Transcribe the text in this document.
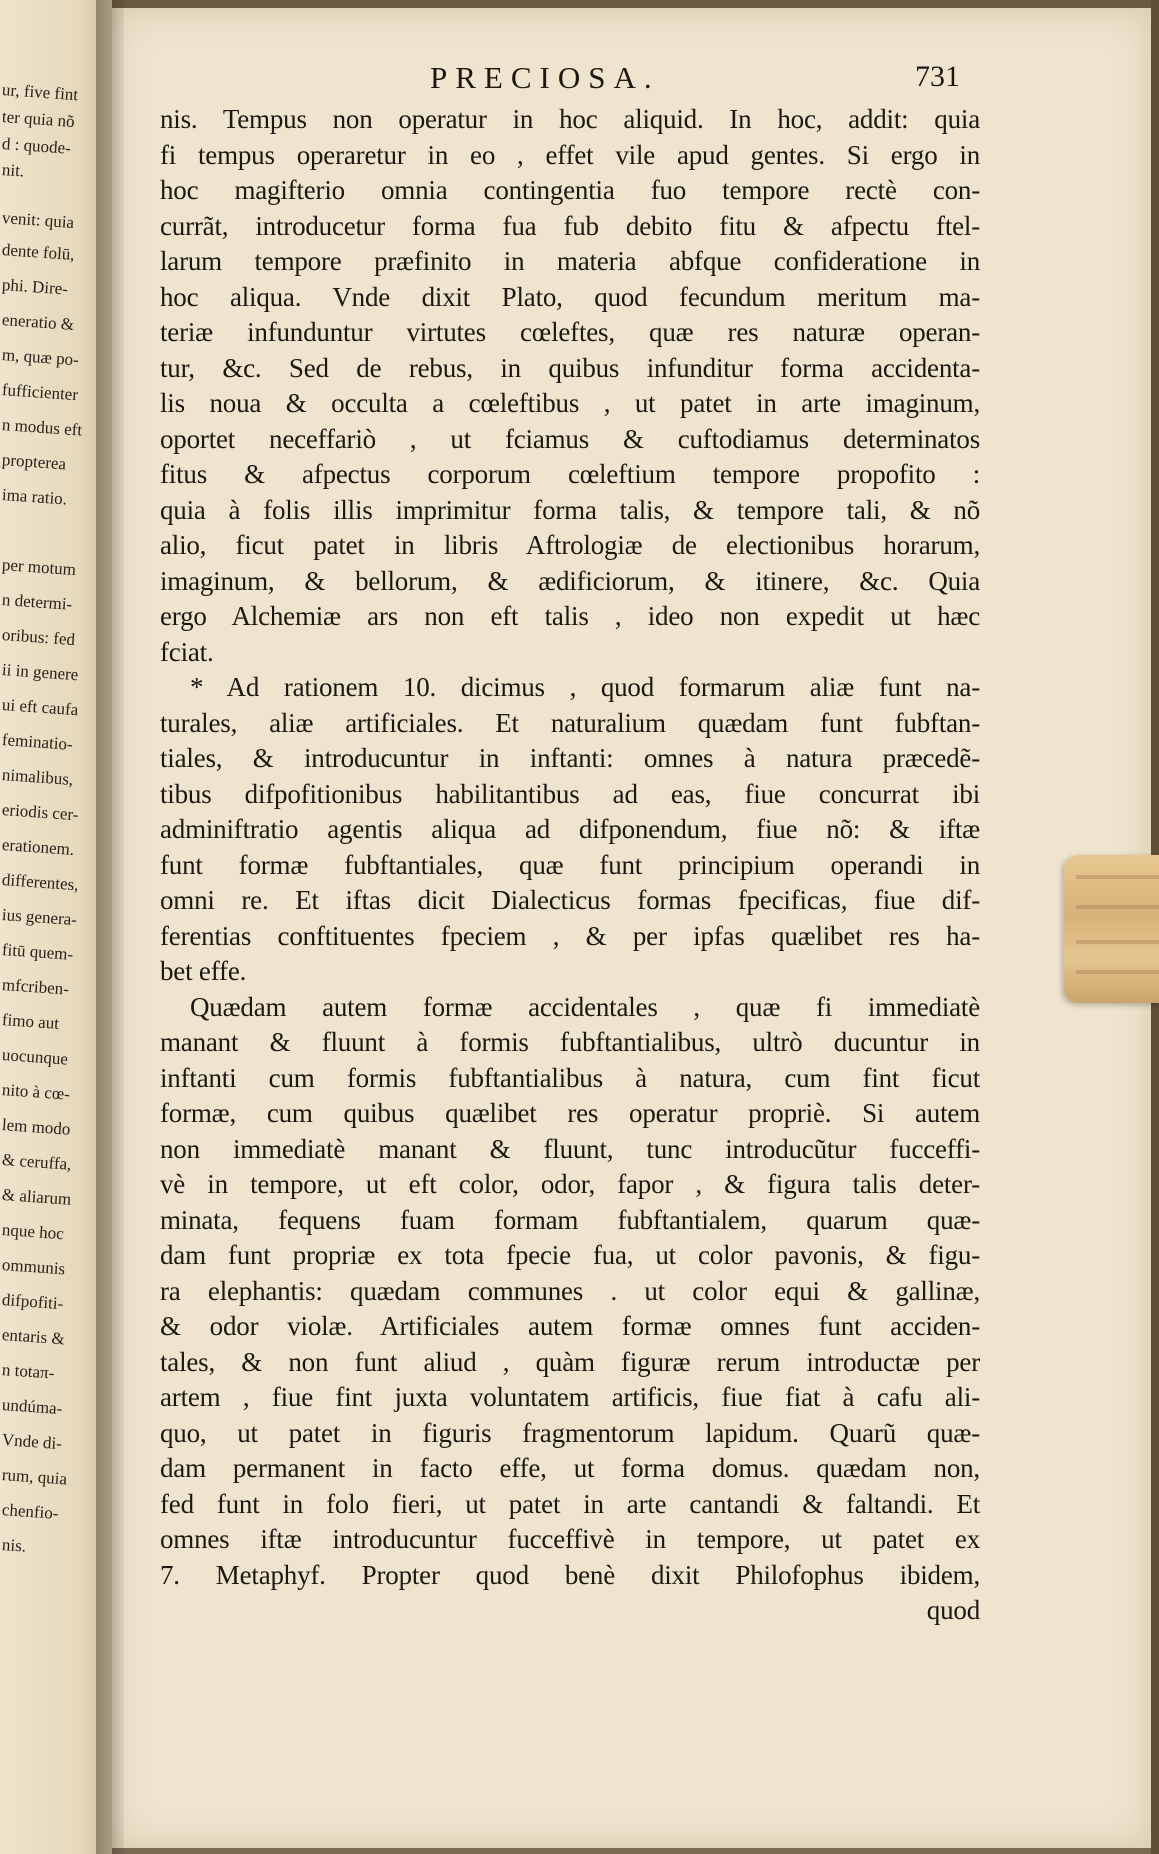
ur, five fint
ter quia nõ
d : quode-
nit.
venit: quia
dente folū,
phi. Dire-
eneratio &
m, quæ po-
fufficienter
n modus eft
propterea
ima ratio.
per motum
n determi-
oribus: fed
ii in genere
ui eft caufa
feminatio-
nimalibus,
eriodis cer-
erationem.
differentes,
ius genera-
fitū quem-
mfcriben-
fimo aut
uocunque
nito à cœ-
lem modo
& ceruffa,
& aliarum
nque hoc
ommunis
difpofiti-
entaris &
n totaπ-
undúma-
Vnde di-
rum, quia
chenfio-
nis.
PRECIOSA.	731
nis. Tempus non operatur in hoc aliquid. In hoc, addit: quia
fi tempus operaretur in eo , effet vile apud gentes. Si ergo in
hoc magifterio omnia contingentia fuo tempore rectè con-
currãt, introducetur forma fua fub debito fitu & afpectu ftel-
larum tempore præfinito in materia abfque confideratione in
hoc aliqua. Vnde dixit Plato, quod fecundum meritum ma-
teriæ infunduntur virtutes cœleftes, quæ res naturæ operan-
tur, &c. Sed de rebus, in quibus infunditur forma accidenta-
lis noua & occulta a cœleftibus , ut patet in arte imaginum,
oportet neceffariò , ut fciamus & cuftodiamus determinatos
fitus & afpectus corporum cœleftium tempore propofito :
quia à folis illis imprimitur forma talis, & tempore tali, & nõ
alio, ficut patet in libris Aftrologiæ de electionibus horarum,
imaginum, & bellorum, & ædificiorum, & itinere, &c. Quia
ergo Alchemiæ ars non eft talis , ideo non expedit ut hæc
fciat.
* Ad rationem 10. dicimus , quod formarum aliæ funt na-
turales, aliæ artificiales. Et naturalium quædam funt fubftan-
tiales, & introducuntur in inftanti: omnes à natura præcedẽ-
tibus difpofitionibus habilitantibus ad eas, fiue concurrat ibi
adminiftratio agentis aliqua ad difponendum, fiue nõ: & iftæ
funt formæ fubftantiales, quæ funt principium operandi in
omni re. Et iftas dicit Dialecticus formas fpecificas, fiue dif-
ferentias conftituentes fpeciem , & per ipfas quælibet res ha-
bet effe.
Quædam autem formæ accidentales , quæ fi immediatè
manant & fluunt à formis fubftantialibus, ultrò ducuntur in
inftanti cum formis fubftantialibus à natura, cum fint ficut
formæ, cum quibus quælibet res operatur propriè. Si autem
non immediatè manant & fluunt, tunc introducũtur fucceffi-
vè in tempore, ut eft color, odor, fapor , & figura talis deter-
minata, fequens fuam formam fubftantialem, quarum quæ-
dam funt propriæ ex tota fpecie fua, ut color pavonis, & figu-
ra elephantis: quædam communes . ut color equi & gallinæ,
& odor violæ. Artificiales autem formæ omnes funt acciden-
tales, & non funt aliud , quàm figuræ rerum introductæ per
artem , fiue fint juxta voluntatem artificis, fiue fiat à cafu ali-
quo, ut patet in figuris fragmentorum lapidum. Quarũ quæ-
dam permanent in facto effe, ut forma domus. quædam non,
fed funt in folo fieri, ut patet in arte cantandi & faltandi. Et
omnes iftæ introducuntur fucceffivè in tempore, ut patet ex
7. Metaphyf. Propter quod benè dixit Philofophus ibidem,
quod
